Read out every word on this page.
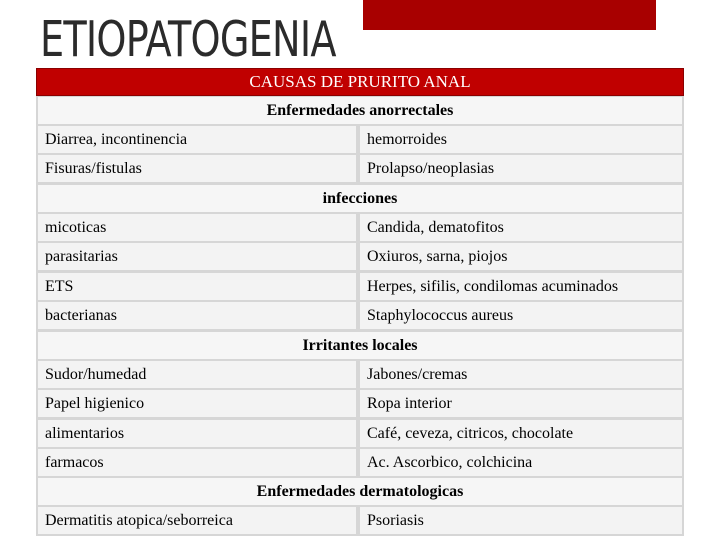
ETIOPATOGENIA
CAUSAS DE PRURITO ANAL
Enfermedades anorrectales
Diarrea, incontinencia	hemorroides
Fisuras/fistulas	Prolapso/neoplasias
infecciones
micoticas	Candida, dematofitos
parasitarias	Oxiuros, sarna, piojos
ETS	Herpes, sifilis, condilomas acuminados
bacterianas	Staphylococcus aureus
Irritantes locales
Sudor/humedad	Jabones/cremas
Papel higienico	Ropa interior
alimentarios	Café, ceveza, citricos, chocolate
farmacos	Ac. Ascorbico, colchicina
Enfermedades dermatologicas
Dermatitis atopica/seborreica	Psoriasis
